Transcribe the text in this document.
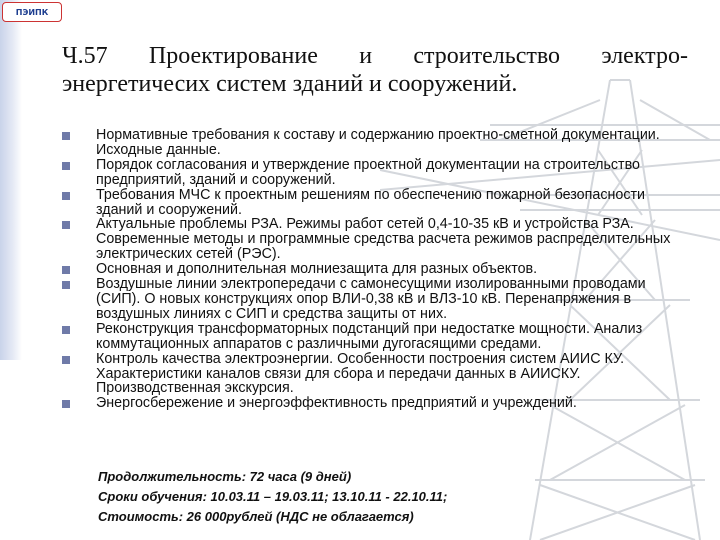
ПЭИПК
Ч.57 Проектирование и строительство электро-
энергетичесих систем зданий и сооружений.
Нормативные требования к составу и содержанию проектно-сметной документации. Исходные данные.
Порядок согласования и утверждение проектной документации на строительство предприятий, зданий и сооружений.
Требования МЧС к проектным решениям по обеспечению пожарной безопасности зданий и сооружений.
Актуальные проблемы РЗА. Режимы работ сетей 0,4-10-35 кВ и устройства РЗА. Современные методы и программные средства расчета режимов распределительных электрических сетей (РЭС).
Основная и дополнительная молниезащита для разных объектов.
Воздушные линии электропередачи с самонесущими изолированными проводами (СИП). О новых конструкциях опор ВЛИ-0,38 кВ и ВЛЗ-10 кВ. Перенапряжения в воздушных линиях с СИП и средства защиты от них.
Реконструкция трансформаторных подстанций при недостатке мощности. Анализ коммутационных аппаратов с различными дугогасящими средами.
Контроль качества электроэнергии. Особенности построения систем АИИС КУ. Характеристики каналов связи для сбора и передачи данных в АИИСКУ. Производственная экскурсия.
Энергосбережение и энергоэффективность предприятий и учреждений.
Продолжительность: 72 часа (9 дней)
Сроки обучения: 10.03.11 – 19.03.11; 13.10.11 - 22.10.11;
Стоимость: 26 000рублей (НДС не облагается)
